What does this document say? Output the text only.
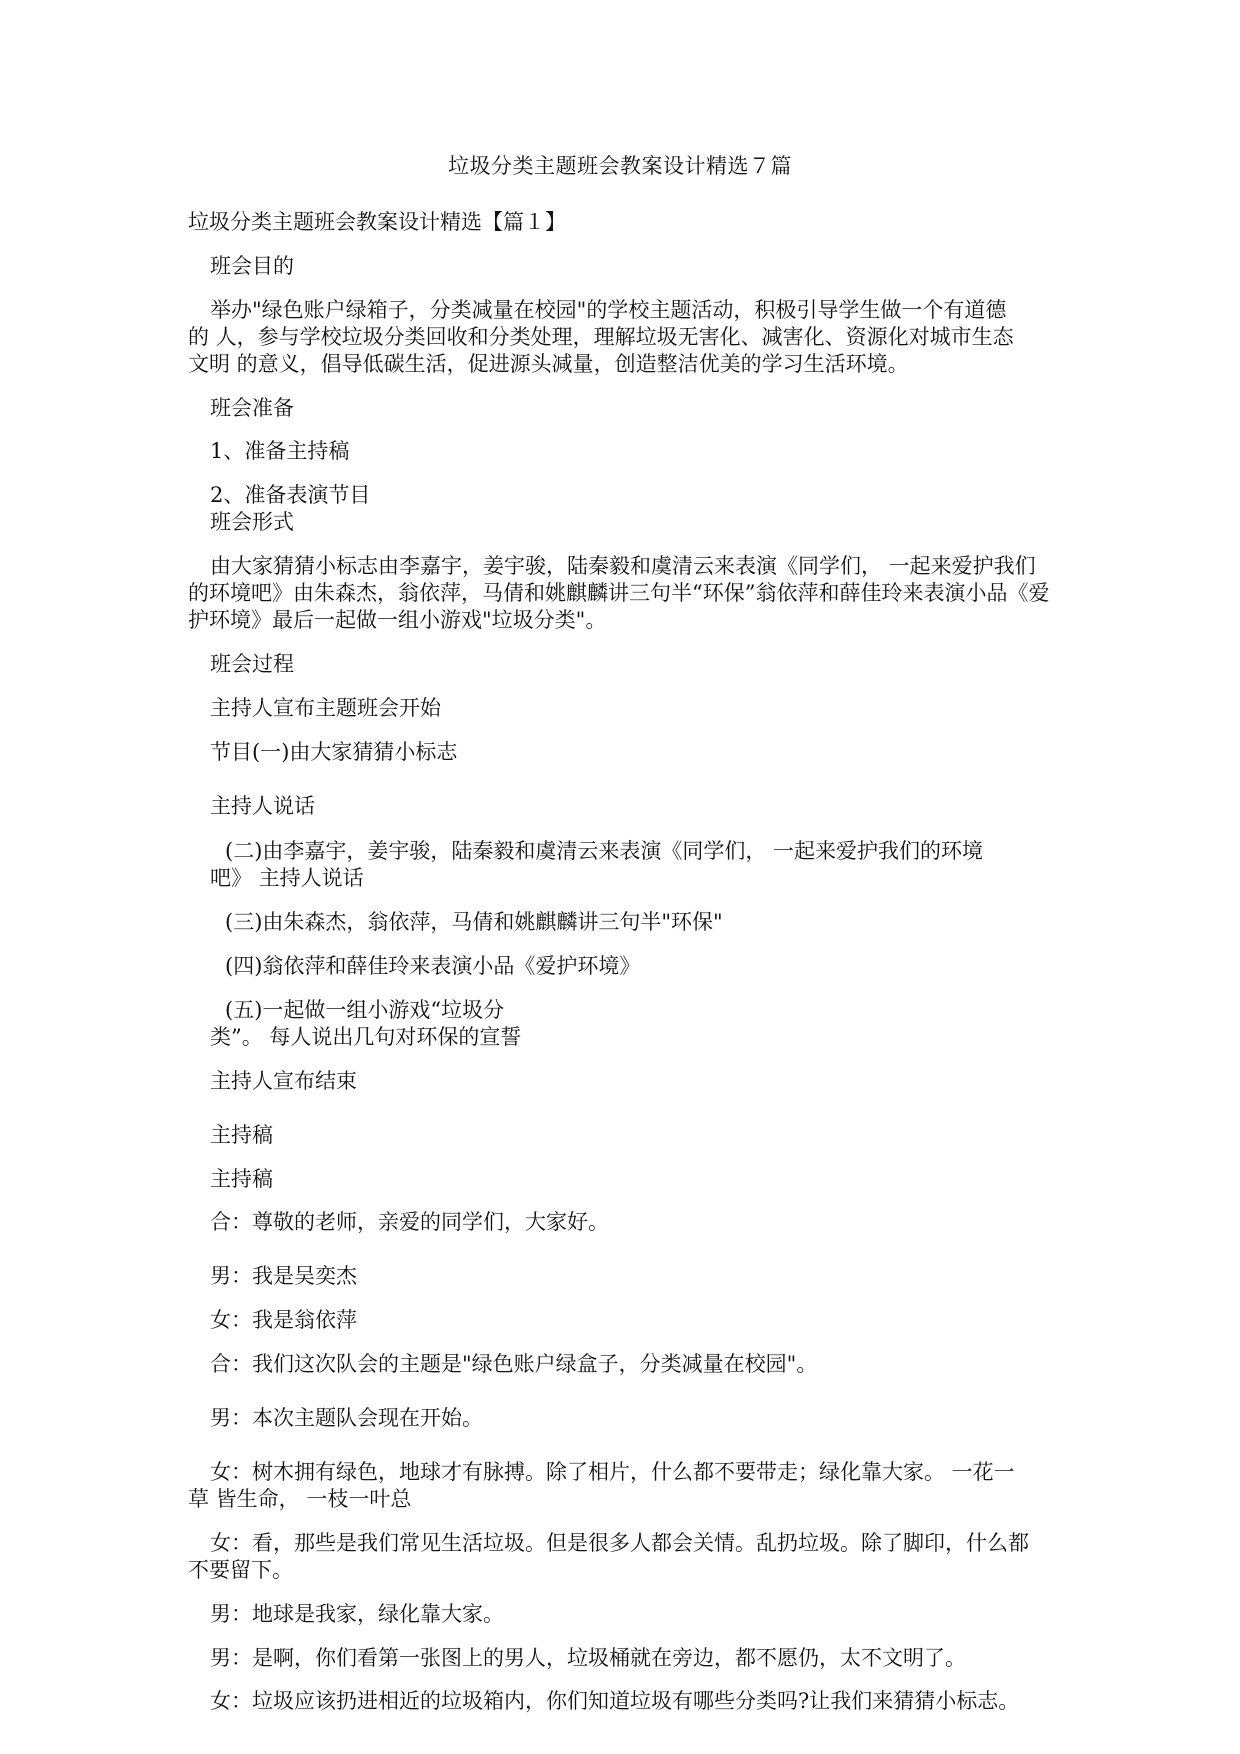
垃圾分类主题班会教案设计精选７篇
垃圾分类主题班会教案设计精选【篇１】
班会目的
举办"绿色账户绿箱子，分类减量在校园"的学校主题活动，积极引导学生做一个有道德
的 人，参与学校垃圾分类回收和分类处理，理解垃圾无害化、减害化、资源化对城市生态
文明 的意义，倡导低碳生活，促进源头减量，创造整洁优美的学习生活环境。
班会准备
1、准备主持稿
2、准备表演节目
班会形式
由大家猜猜小标志由李嘉宇，姜宇骏，陆秦毅和虞清云来表演《同学们， 一起来爱护我们
的环境吧》由朱森杰，翁依萍，马倩和姚麒麟讲三句半“环保”翁依萍和薛佳玲来表演小品《爱
护环境》最后一起做一组小游戏"垃圾分类"。
班会过程
主持人宣布主题班会开始
节目(一)由大家猜猜小标志
主持人说话
(二)由李嘉宇，姜宇骏，陆秦毅和虞清云来表演《同学们， 一起来爱护我们的环境
吧》 主持人说话
(三)由朱森杰，翁依萍，马倩和姚麒麟讲三句半"环保"
(四)翁依萍和薛佳玲来表演小品《爱护环境》
(五)一起做一组小游戏“垃圾分
类”。 每人说出几句对环保的宣誓
主持人宣布结束
主持稿
主持稿
合：尊敬的老师，亲爱的同学们，大家好。
男：我是吴奕杰
女：我是翁依萍
合：我们这次队会的主题是"绿色账户绿盒子，分类减量在校园"。
男：本次主题队会现在开始。
女：树木拥有绿色，地球才有脉搏。除了相片，什么都不要带走；绿化靠大家。 一花一
草 皆生命， 一枝一叶总
女：看，那些是我们常见生活垃圾。但是很多人都会关情。乱扔垃圾。除了脚印，什么都
不要留下。
男：地球是我家，绿化靠大家。
男：是啊，你们看第一张图上的男人，垃圾桶就在旁边，都不愿仍，太不文明了。
女：垃圾应该扔进相近的垃圾箱内，你们知道垃圾有哪些分类吗?让我们来猜猜小标志。
